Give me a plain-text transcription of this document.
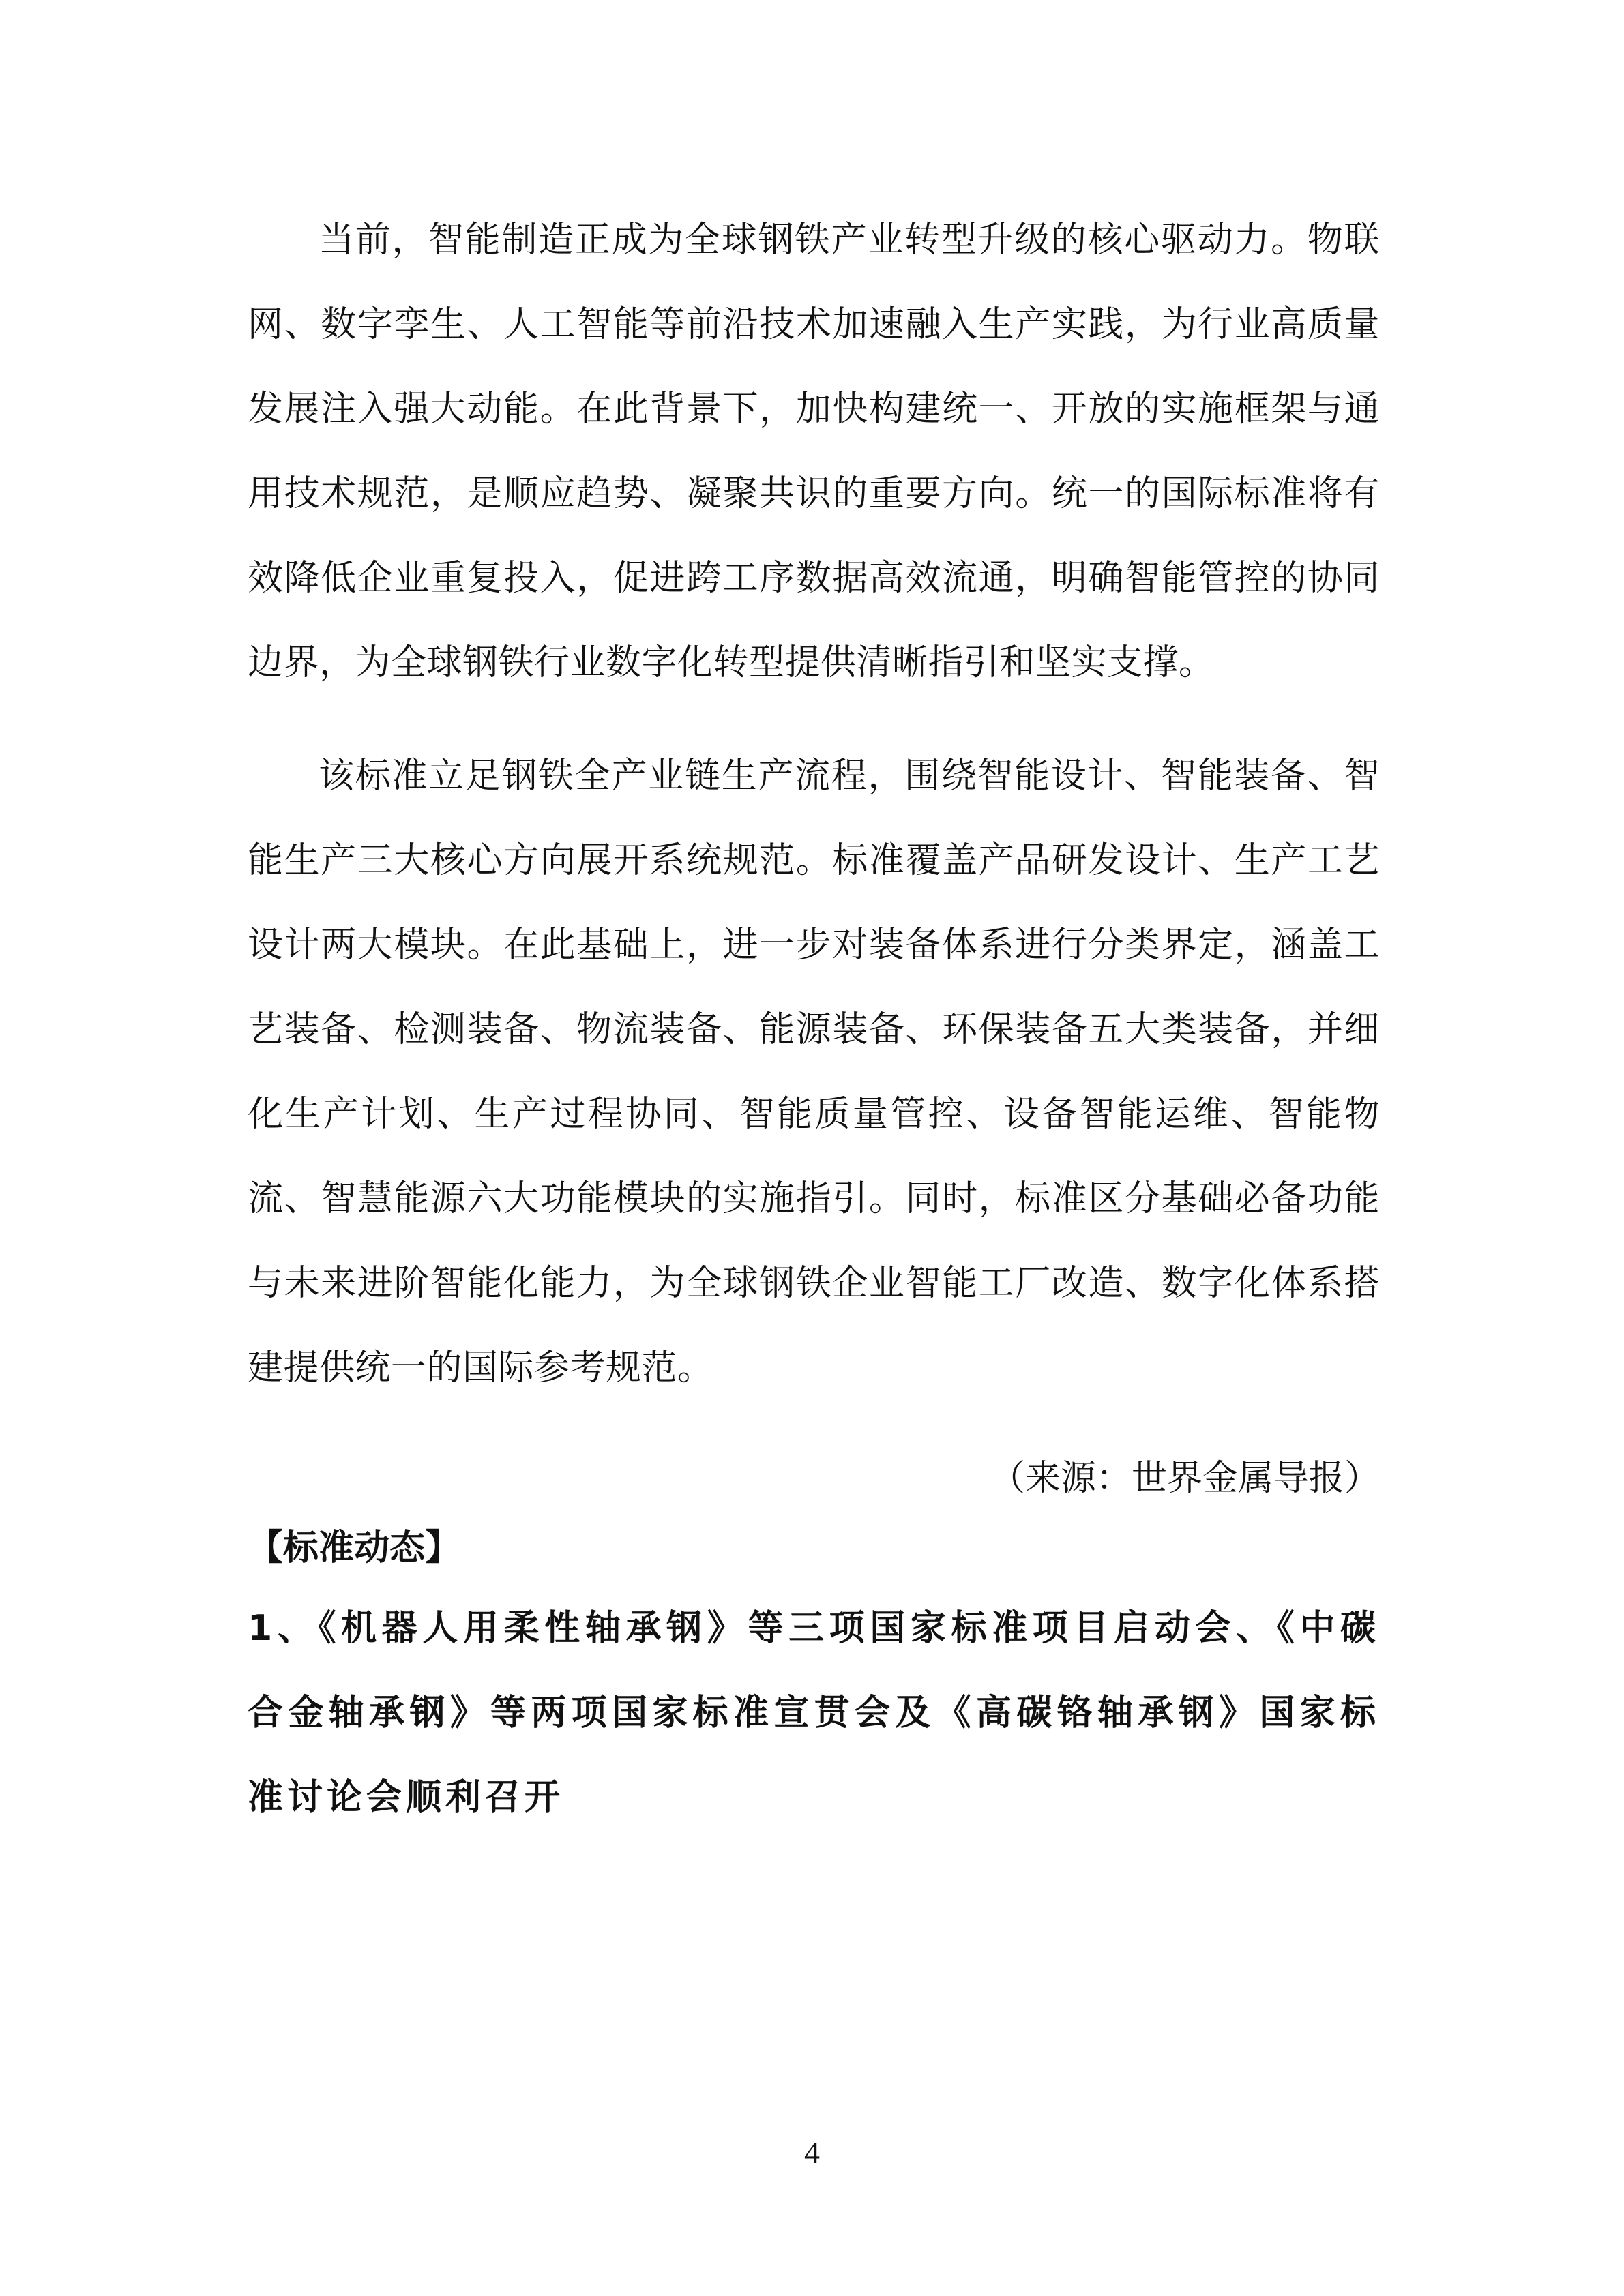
当前，智能制造正成为全球钢铁产业转型升级的核心驱动力。物联网、数字孪生、人工智能等前沿技术加速融入生产实践，为行业高质量发展注入强大动能。在此背景下，加快构建统一、开放的实施框架与通用技术规范，是顺应趋势、凝聚共识的重要方向。统一的国际标准将有效降低企业重复投入，促进跨工序数据高效流通，明确智能管控的协同边界，为全球钢铁行业数字化转型提供清晰指引和坚实支撑。

该标准立足钢铁全产业链生产流程，围绕智能设计、智能装备、智能生产三大核心方向展开系统规范。标准覆盖产品研发设计、生产工艺设计两大模块。在此基础上，进一步对装备体系进行分类界定，涵盖工艺装备、检测装备、物流装备、能源装备、环保装备五大类装备，并细化生产计划、生产过程协同、智能质量管控、设备智能运维、智能物流、智慧能源六大功能模块的实施指引。同时，标准区分基础必备功能与未来进阶智能化能力，为全球钢铁企业智能工厂改造、数字化体系搭建提供统一的国际参考规范。

（来源：世界金属导报）

【标准动态】

1、《机器人用柔性轴承钢》等三项国家标准项目启动会、《中碳合金轴承钢》等两项国家标准宣贯会及《高碳铬轴承钢》国家标准讨论会顺利召开

4
